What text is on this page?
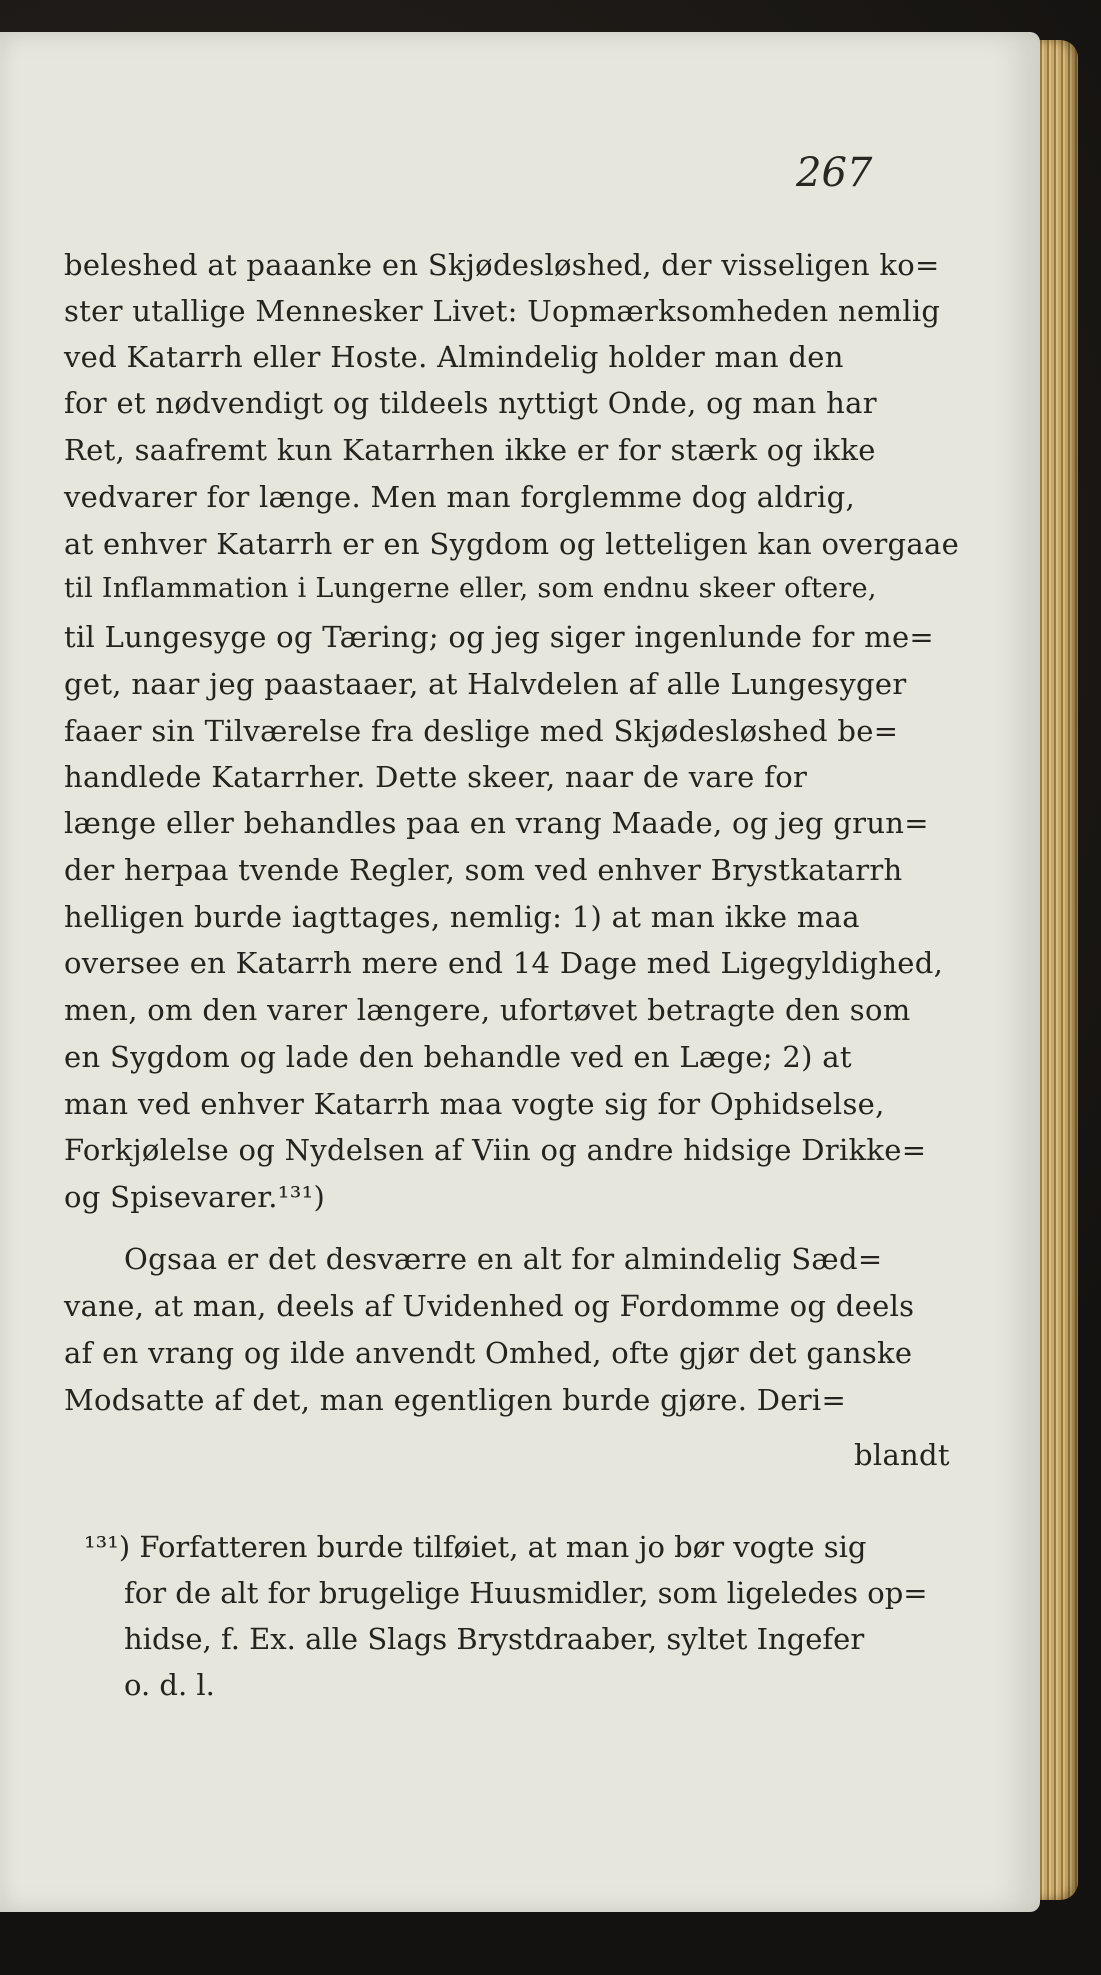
267
beleshed at paaanke en Skjødesløshed, der visseligen ko=
ster utallige Mennesker Livet: Uopmærksomheden nemlig
ved Katarrh eller Hoste. Almindelig holder man den
for et nødvendigt og tildeels nyttigt Onde, og man har
Ret, saafremt kun Katarrhen ikke er for stærk og ikke
vedvarer for længe. Men man forglemme dog aldrig,
at enhver Katarrh er en Sygdom og letteligen kan overgaae
til Inflammation i Lungerne eller, som endnu skeer oftere,
til Lungesyge og Tæring; og jeg siger ingenlunde for me=
get, naar jeg paastaaer, at Halvdelen af alle Lungesyger
faaer sin Tilværelse fra deslige med Skjødesløshed be=
handlede Katarrher. Dette skeer, naar de vare for
længe eller behandles paa en vrang Maade, og jeg grun=
der herpaa tvende Regler, som ved enhver Brystkatarrh
helligen burde iagttages, nemlig: 1) at man ikke maa
oversee en Katarrh mere end 14 Dage med Ligegyldighed,
men, om den varer længere, ufortøvet betragte den som
en Sygdom og lade den behandle ved en Læge; 2) at
man ved enhver Katarrh maa vogte sig for Ophidselse,
Forkjølelse og Nydelsen af Viin og andre hidsige Drikke=
og Spisevarer.¹³¹)
Ogsaa er det desværre en alt for almindelig Sæd=
vane, at man, deels af Uvidenhed og Fordomme og deels
af en vrang og ilde anvendt Omhed, ofte gjør det ganske
Modsatte af det, man egentligen burde gjøre. Deri=
blandt
¹³¹) Forfatteren burde tilføiet, at man jo bør vogte sig
for de alt for brugelige Huusmidler, som ligeledes op=
hidse, f. Ex. alle Slags Brystdraaber, syltet Ingefer
o. d. l.
